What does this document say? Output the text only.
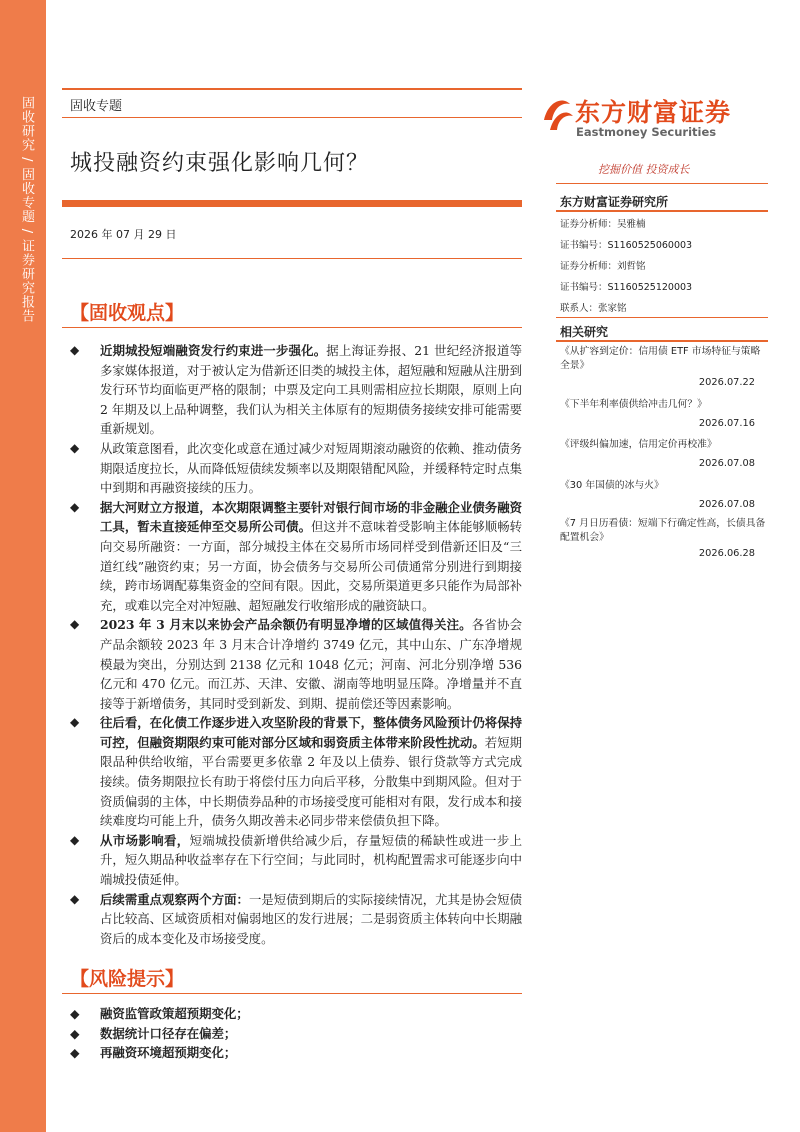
固收研究 / 固收专题 / 证券研究报告	固收专题
城投融资约束强化影响几何？
2026 年 07 月 29 日
【固收观点】
◆ 近期城投短端融资发行约束进一步强化。据上海证券报、21 世纪经济报道等多家媒体报道，对于被认定为借新还旧类的城投主体，超短融和短融从注册到发行环节均面临更严格的限制；中票及定向工具则需相应拉长期限，原则上向 2 年期及以上品种调整，我们认为相关主体原有的短期债务接续安排可能需要重新规划。
◆ 从政策意图看，此次变化或意在通过减少对短周期滚动融资的依赖、推动债务期限适度拉长，从而降低短债续发频率以及期限错配风险，并缓释特定时点集中到期和再融资接续的压力。
◆ 据大河财立方报道，本次期限调整主要针对银行间市场的非金融企业债务融资工具，暂未直接延伸至交易所公司债。但这并不意味着受影响主体能够顺畅转向交易所融资：一方面，部分城投主体在交易所市场同样受到借新还旧及“三道红线”融资约束；另一方面，协会债务与交易所公司债通常分别进行到期接续，跨市场调配募集资金的空间有限。因此，交易所渠道更多只能作为局部补充，或难以完全对冲短融、超短融发行收缩形成的融资缺口。
◆ 2023 年 3 月末以来协会产品余额仍有明显净增的区域值得关注。各省协会产品余额较 2023 年 3 月末合计净增约 3749 亿元，其中山东、广东净增规模最为突出，分别达到 2138 亿元和 1048 亿元；河南、河北分别净增 536 亿元和 470 亿元。而江苏、天津、安徽、湖南等地明显压降。净增量并不直接等于新增债务，其同时受到新发、到期、提前偿还等因素影响。
◆ 往后看，在化债工作逐步进入攻坚阶段的背景下，整体债务风险预计仍将保持可控，但融资期限约束可能对部分区域和弱资质主体带来阶段性扰动。若短期限品种供给收缩，平台需要更多依靠 2 年及以上债券、银行贷款等方式完成接续。债务期限拉长有助于将偿付压力向后平移，分散集中到期风险。但对于资质偏弱的主体，中长期债券品种的市场接受度可能相对有限，发行成本和接续难度均可能上升，债务久期改善未必同步带来偿债负担下降。
◆ 从市场影响看，短端城投债新增供给减少后，存量短债的稀缺性或进一步上升，短久期品种收益率存在下行空间；与此同时，机构配置需求可能逐步向中端城投债延伸。
◆ 后续需重点观察两个方面：一是短债到期后的实际接续情况，尤其是协会短债占比较高、区域资质相对偏弱地区的发行进展；二是弱资质主体转向中长期融资后的成本变化及市场接受度。
【风险提示】
◆ 融资监管政策超预期变化；
◆ 数据统计口径存在偏差；
◆ 再融资环境超预期变化；
东方财富证券
Eastmoney Securities
挖掘价值 投资成长
东方财富证券研究所
证券分析师：吴雅楠
证书编号：S1160525060003
证券分析师：刘哲铭
证书编号：S1160525120003
联系人：张家铭
相关研究
《从扩容到定价：信用债 ETF 市场特征与策略全景》
2026.07.22
《下半年利率债供给冲击几何？》
2026.07.16
《评级纠偏加速，信用定价再校准》
2026.07.08
《30 年国债的冰与火》
2026.07.08
《7 月日历看债：短端下行确定性高，长债具备配置机会》
2026.06.28
